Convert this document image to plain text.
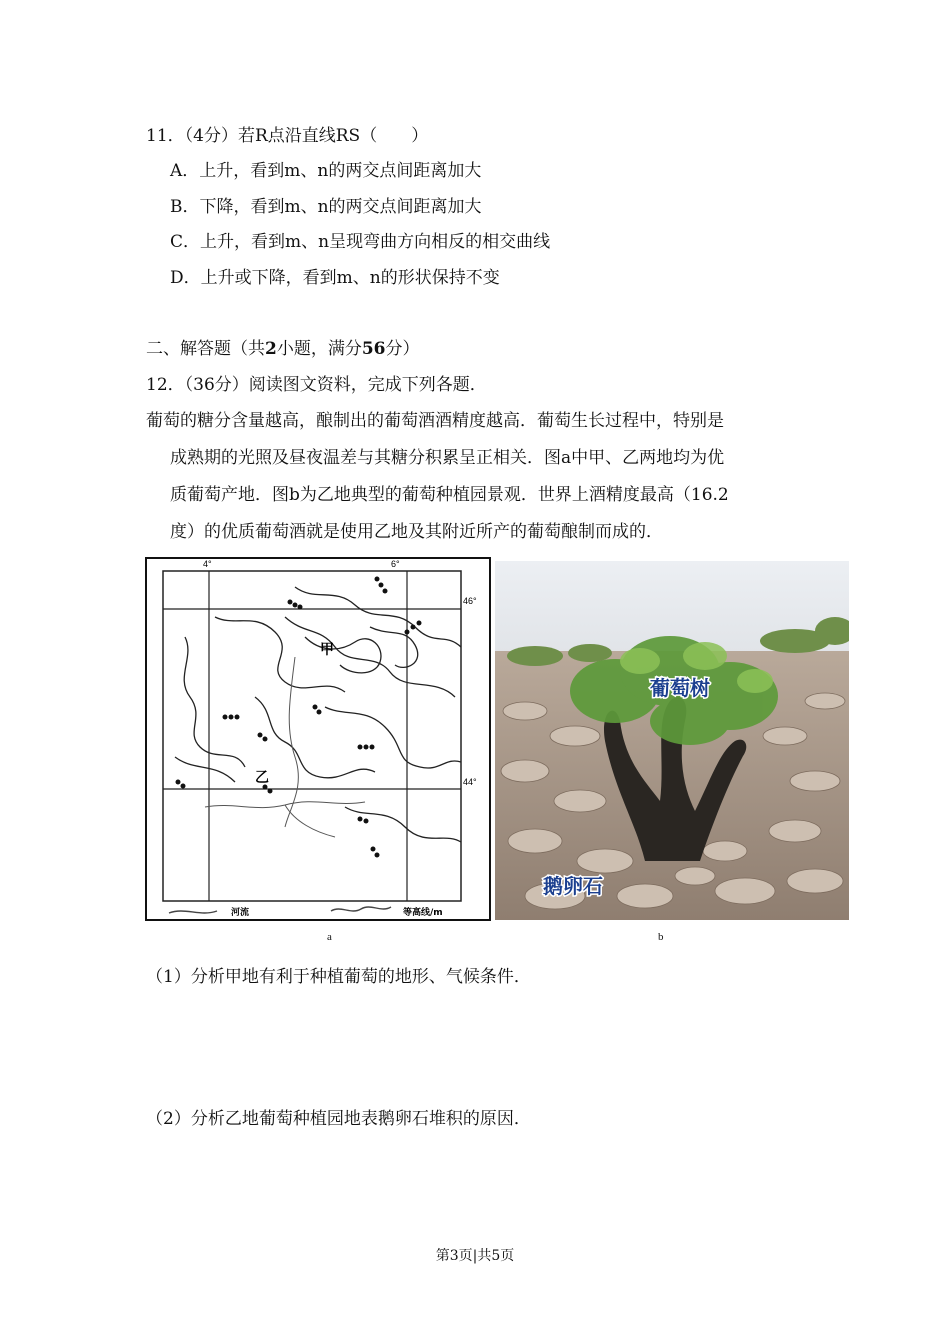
11．（4分）若R点沿直线RS（　　）
A．上升，看到m、n的两交点间距离加大
B．下降，看到m、n的两交点间距离加大
C．上升，看到m、n呈现弯曲方向相反的相交曲线
D．上升或下降，看到m、n的形状保持不变
二、解答题（共2小题，满分56分）
12．（36分）阅读图文资料，完成下列各题．
葡萄的糖分含量越高，酿制出的葡萄酒酒精度越高．葡萄生长过程中，特别是
成熟期的光照及昼夜温差与其糖分积累呈正相关．图a中甲、乙两地均为优
质葡萄产地．图b为乙地典型的葡萄种植园景观．世界上酒精度最高（16.2
度）的优质葡萄酒就是使用乙地及其附近所产的葡萄酿制而成的．
4°	6°
46°
44°
甲
乙
河流	等高线/m
a
葡萄树
鹅卵石
b
（1）分析甲地有利于种植葡萄的地形、气候条件．
（2）分析乙地葡萄种植园地表鹅卵石堆积的原因．
第3页|共5页
